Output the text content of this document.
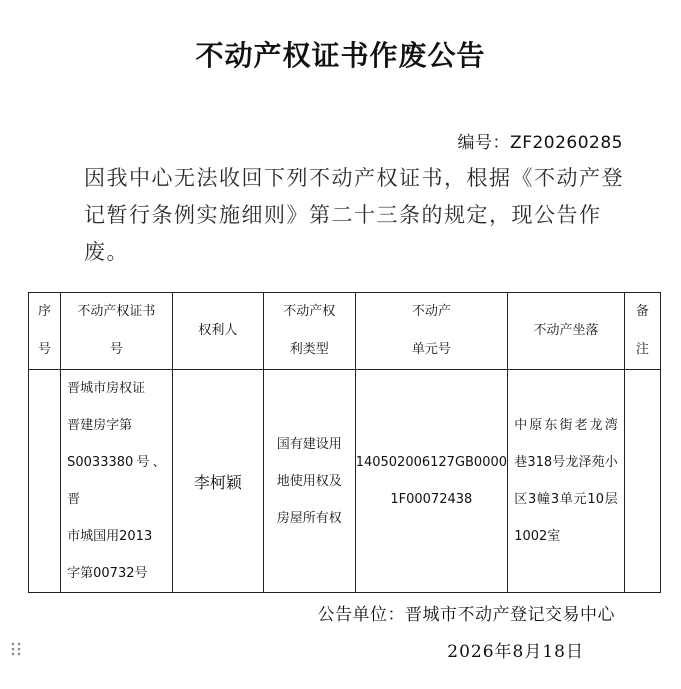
不动产权证书作废公告
编号：ZF20260285
因我中心无法收回下列不动产权证书，根据《不动产登记暂行条例实施细则》第二十三条的规定，现公告作废。
序号	不动产权证书号	权利人	不动产权利类型	不动产单元号	不动产坐落	备注

	晋城市房权证
晋建房字第
S0033380号、晋
市城国用2013
字第00732号	李柯颖	国有建设用地使用权及房屋所有权	140502006127GB00001F00072438	中原东街老龙湾巷318号龙泽苑小区3幢3单元10层1002室	
公告单位：晋城市不动产登记交易中心
2026年8月18日
